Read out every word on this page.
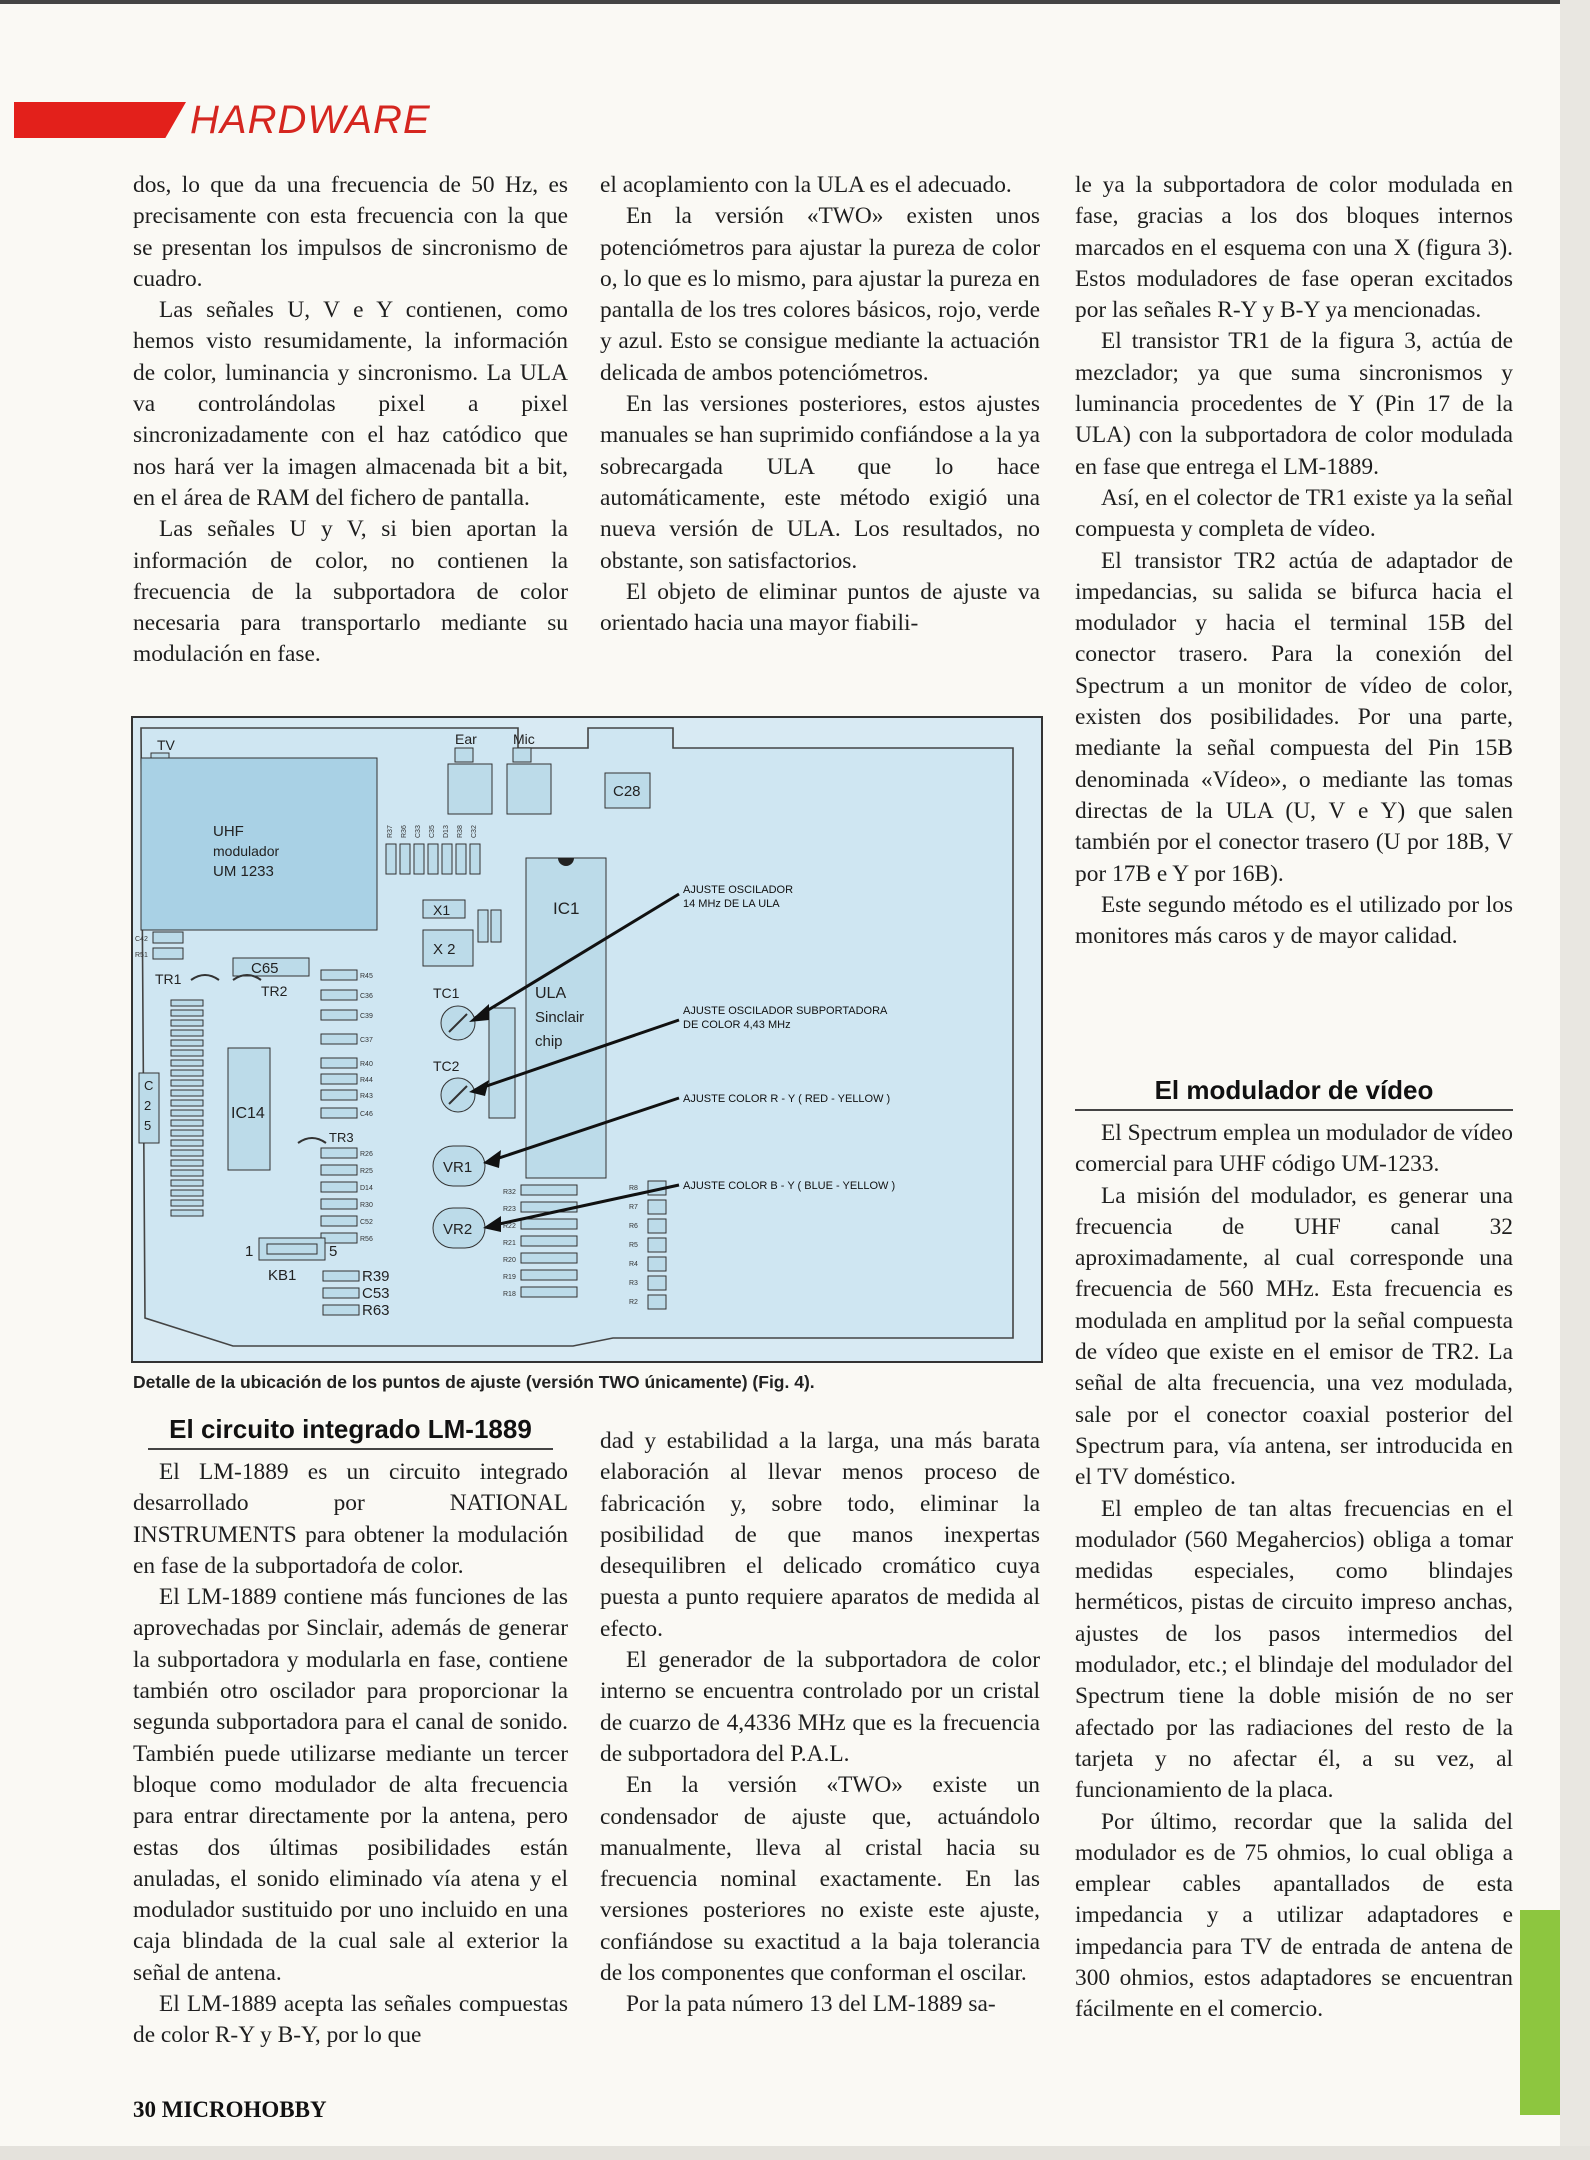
HARDWARE

dos, lo que da una frecuencia de 50 Hz, es precisamente con esta frecuencia con la que se presentan los impulsos de sincronismo de cuadro.

Las señales U, V e Y contienen, como hemos visto resumidamente, la información de color, luminancia y sincronismo. La ULA va controlándolas pixel a pixel sincronizadamente con el haz catódico que nos hará ver la imagen almacenada bit a bit, en el área de RAM del fichero de pantalla.

Las señales U y V, si bien aportan la información de color, no contienen la frecuencia de la subportadora de color necesaria para transportarlo mediante su modulación en fase.

el acoplamiento con la ULA es el adecuado.

En la versión «TWO» existen unos potenciómetros para ajustar la pureza de color o, lo que es lo mismo, para ajustar la pureza en pantalla de los tres colores básicos, rojo, verde y azul. Esto se consigue mediante la actuación delicada de ambos potenciómetros.

En las versiones posteriores, estos ajustes manuales se han suprimido confiándose a la ya sobrecargada ULA que lo hace automáticamente, este método exigió una nueva versión de ULA. Los resultados, no obstante, son satisfactorios.

El objeto de eliminar puntos de ajuste va orientado hacia una mayor fiabili-

le ya la subportadora de color modulada en fase, gracias a los dos bloques internos marcados en el esquema con una X (figura 3). Estos moduladores de fase operan excitados por las señales R-Y y B-Y ya mencionadas.

El transistor TR1 de la figura 3, actúa de mezclador; ya que suma sincronismos y luminancia procedentes de Y (Pin 17 de la ULA) con la subportadora de color modulada en fase que entrega el LM-1889.

Así, en el colector de TR1 existe ya la señal compuesta y completa de vídeo.

El transistor TR2 actúa de adaptador de impedancias, su salida se bifurca hacia el modulador y hacia el terminal 15B del conector trasero. Para la conexión del Spectrum a un monitor de vídeo de color, existen dos posibilidades. Por una parte, mediante la señal compuesta del Pin 15B denominada «Vídeo», o mediante las tomas directas de la ULA (U, V e Y) que salen también por el conector trasero (U por 18B, V por 17B e Y por 16B).

Este segundo método es el utilizado por los monitores más caros y de mayor calidad.

El modulador de vídeo

El Spectrum emplea un modulador de vídeo comercial para UHF código UM-1233.

La misión del modulador, es generar una frecuencia de UHF canal 32 aproximadamente, al cual corresponde una frecuencia de 560 MHz. Esta frecuencia es modulada en amplitud por la señal compuesta de vídeo que existe en el emisor de TR2. La señal de alta frecuencia, una vez modulada, sale por el conector coaxial posterior del Spectrum para, vía antena, ser introducida en el TV doméstico.

El empleo de tan altas frecuencias en el modulador (560 Megahercios) obliga a tomar medidas especiales, como blindajes herméticos, pistas de circuito impreso anchas, ajustes de los pasos intermedios del modulador, etc.; el blindaje del modulador del Spectrum tiene la doble misión de no ser afectado por las radiaciones del resto de la tarjeta y no afectar él, a su vez, al funcionamiento de la placa.

Por último, recordar que la salida del modulador es de 75 ohmios, lo cual obliga a emplear cables apantallados de esta impedancia y a utilizar adaptadores e impedancia para TV de entrada de antena de 300 ohmios, estos adaptadores se encuentran fácilmente en el comercio.

TV	Ear	Mic
C28
UHF
modulador
UM 1233
R37 R36 C33 C35 D13 R38 C32
X1
X 2
IC1
ULA
Sinclair
chip
C42
R51
C65
TR1
TR2
C
2
5
IC14
R45
C36
C39
C37
R40
R44
R43
C46
TR3
R26
R25
D14
R30
C52
R56
TC1
TC2
VR1
VR2
R32
R23
R22
R21
R20
R19
R18
R8
R7
R6
R5
R4
R3
R2
1	5
KB1	R39
C53
R63
AJUSTE OSCILADOR
14 MHz DE LA ULA
AJUSTE OSCILADOR SUBPORTADORA
DE COLOR 4,43 MHz
AJUSTE COLOR R - Y ( RED - YELLOW )
AJUSTE COLOR B - Y ( BLUE - YELLOW )
Detalle de la ubicación de los puntos de ajuste (versión TWO únicamente) (Fig. 4).
El circuito integrado LM-1889

El LM-1889 es un circuito integrado desarrollado por NATIONAL INSTRUMENTS para obtener la modulación en fase de la subportadoŕa de color.

El LM-1889 contiene más funciones de las aprovechadas por Sinclair, además de generar la subportadora y modularla en fase, contiene también otro oscilador para proporcionar la segunda subportadora para el canal de sonido. También puede utilizarse mediante un tercer bloque como modulador de alta frecuencia para entrar directamente por la antena, pero estas dos últimas posibilidades están anuladas, el sonido eliminado vía atena y el modulador sustituido por uno incluido en una caja blindada de la cual sale al exterior la señal de antena.

El LM-1889 acepta las señales compuestas de color R-Y y B-Y, por lo que

dad y estabilidad a la larga, una más barata elaboración al llevar menos proceso de fabricación y, sobre todo, eliminar la posibilidad de que manos inexpertas desequilibren el delicado cromático cuya puesta a punto requiere aparatos de medida al efecto.

El generador de la subportadora de color interno se encuentra controlado por un cristal de cuarzo de 4,4336 MHz que es la frecuencia de subportadora del P.A.L.

En la versión «TWO» existe un condensador de ajuste que, actuándolo manualmente, lleva al cristal hacia su frecuencia nominal exactamente. En las versiones posteriores no existe este ajuste, confiándose su exactitud a la baja tolerancia de los componentes que conforman el oscilar.

Por la pata número 13 del LM-1889 sa-

30 MICROHOBBY
